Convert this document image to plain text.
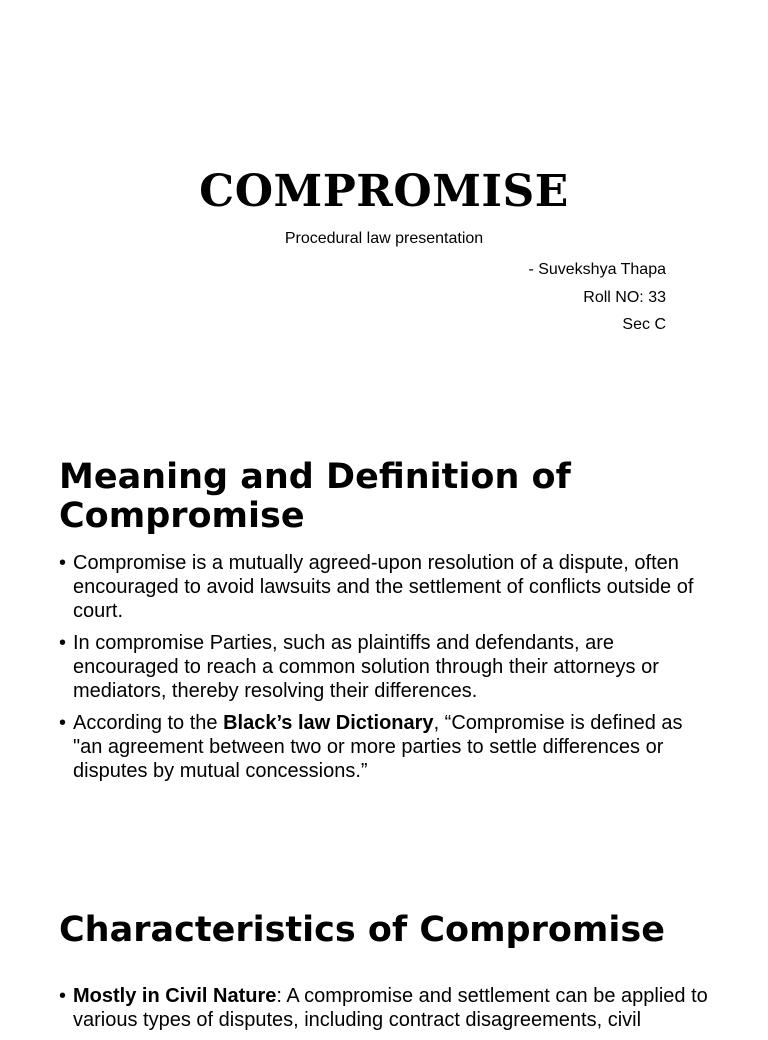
COMPROMISE
Procedural law presentation
- Suvekshya Thapa
Roll NO: 33
Sec C
Meaning and Definition of Compromise
• Compromise is a mutually agreed-upon resolution of a dispute, often encouraged to avoid lawsuits and the settlement of conflicts outside of court.
• In compromise Parties, such as plaintiffs and defendants, are encouraged to reach a common solution through their attorneys or mediators, thereby resolving their differences.
• According to the Black’s law Dictionary, “Compromise is defined as "an agreement between two or more parties to settle differences or disputes by mutual concessions.”
Characteristics of Compromise
• Mostly in Civil Nature: A compromise and settlement can be applied to various types of disputes, including contract disagreements, civil
